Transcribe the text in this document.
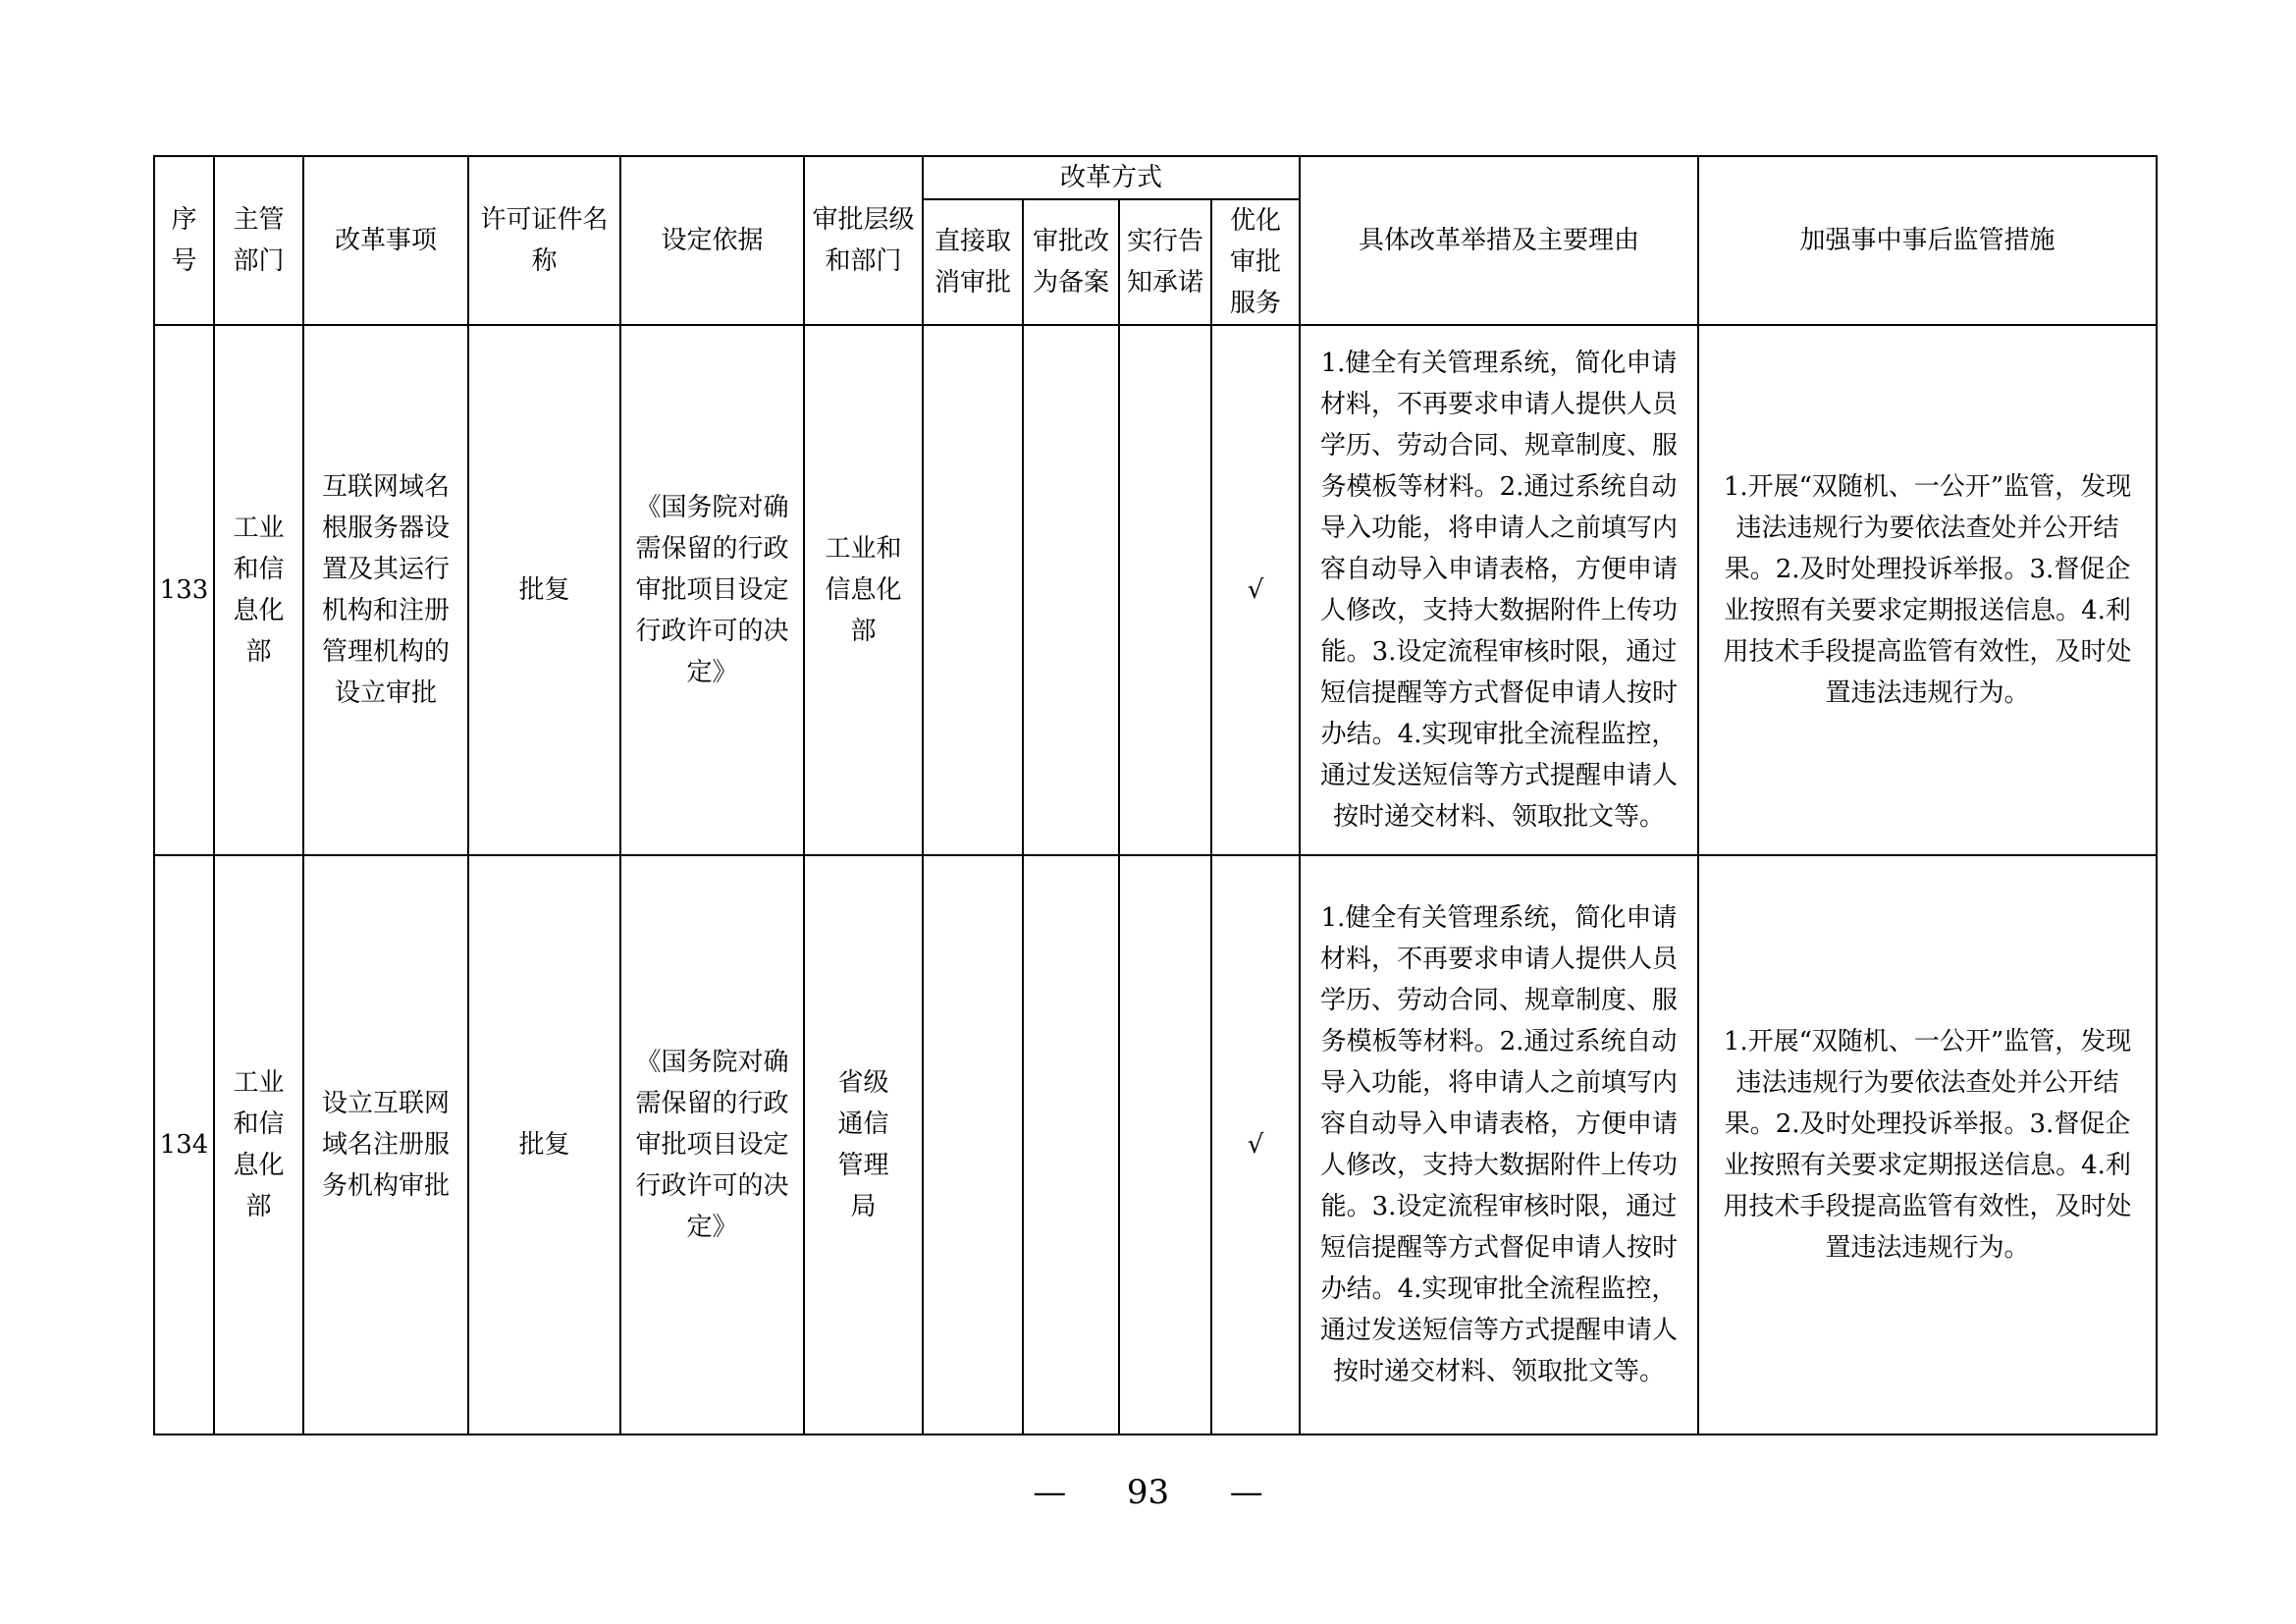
序号	主管部门	改革事项	许可证件名称	设定依据	审批层级和部门	改革方式				具体改革举措及主要理由	加强事中事后监管措施

						直接取消审批	审批改为备案	实行告知承诺	优化审批服务		

133	工业和信息化部	互联网域名根服务器设置及其运行机构和注册管理机构的设立审批	批复	《国务院对确需保留的行政审批项目设定行政许可的决定》	工业和信息化部				√	1.健全有关管理系统，简化申请材料，不再要求申请人提供人员学历、劳动合同、规章制度、服务模板等材料。2.通过系统自动导入功能，将申请人之前填写内容自动导入申请表格，方便申请人修改，支持大数据附件上传功能。3.设定流程审核时限，通过短信提醒等方式督促申请人按时办结。4.实现审批全流程监控，通过发送短信等方式提醒申请人按时递交材料、领取批文等。	1.开展“双随机、一公开”监管，发现违法违规行为要依法查处并公开结果。2.及时处理投诉举报。3.督促企业按照有关要求定期报送信息。4.利用技术手段提高监管有效性，及时处置违法违规行为。

134	工业和信息化部	设立互联网域名注册服务机构审批	批复	《国务院对确需保留的行政审批项目设定行政许可的决定》	省级通信管理局				√	1.健全有关管理系统，简化申请材料，不再要求申请人提供人员学历、劳动合同、规章制度、服务模板等材料。2.通过系统自动导入功能，将申请人之前填写内容自动导入申请表格，方便申请人修改，支持大数据附件上传功能。3.设定流程审核时限，通过短信提醒等方式督促申请人按时办结。4.实现审批全流程监控，通过发送短信等方式提醒申请人按时递交材料、领取批文等。	1.开展“双随机、一公开”监管，发现违法违规行为要依法查处并公开结果。2.及时处理投诉举报。3.督促企业按照有关要求定期报送信息。4.利用技术手段提高监管有效性，及时处置违法违规行为。
— 93 —
